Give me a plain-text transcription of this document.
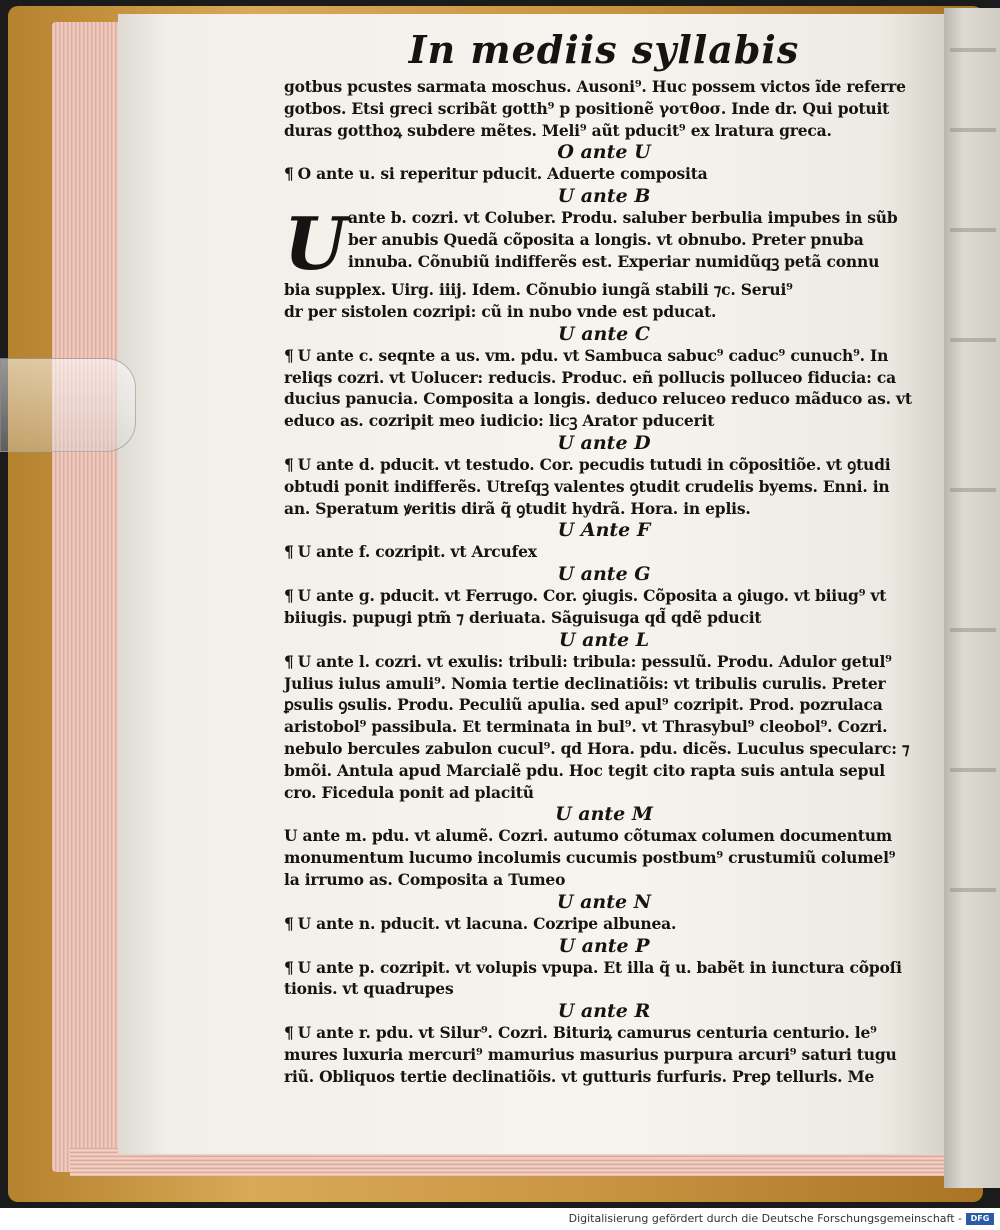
In mediis syllabis
gotbus pcustes sarmata moschus. Ausoni⁹. Huc possem victos ĩde referre
gotbos. Etsi greci scribãt gotth⁹ p positionẽ γοτθοσ. Inde dr. Qui potuit
duras gotthoꝝ subdere mẽtes. Meli⁹ aũt pducit⁹ ex lratura greca.
O ante U
¶ O ante u. si reperitur pducit. Aduerte composita
U ante B
U ante b. cozri. vt Coluber. Produ. saluber berbulia impubes in sũb
ber anubis Quedã cõposita a longis. vt obnubo. Preter pnuba
innuba. Cõnubiũ indifferẽs est. Experiar numidũqꝫ petã connu
bia supplex. Uirg. iiij. Idem. Cõnubio iungã stabili ⁊c. Serui⁹
dr per sistolen cozripi: cũ in nubo vnde est pducat.
U ante C
¶ U ante c. seqnte a us. vm. pdu. vt Sambuca sabuc⁹ caduc⁹ cunuch⁹. In
reliqs cozri. vt Uolucer: reducis. Produc. eñ pollucis polluceo fiducia: ca
ducius panucia. Composita a longis. deduco reluceo reduco mãduco as. vt
educo as. cozripit meo iudicio: licꝫ Arator pducerit
U ante D
¶ U ante d. pducit. vt testudo. Cor. pecudis tutudi in cõpositiõe. vt ꝯtudi
obtudi ponit indifferẽs. Utreſqꝫ valentes ꝯtudit crudelis byems. Enni. in
an. Speratum ꝟeritis dirã q̃ ꝯtudit hydrã. Hora. in eplis.
U Ante F
¶ U ante f. cozripit. vt Arcufex
U ante G
¶ U ante g. pducit. vt Ferrugo. Cor. ꝯiugis. Cõposita a ꝯiugo. vt biiug⁹ vt
biiugis. pupugi ptm̃ ⁊ deriuata. Sãguisuga qd̃ qdẽ pducit
U ante L
¶ U ante l. cozri. vt exulis: tribuli: tribula: pessulũ. Produ. Adulor getul⁹
Julius iulus amuli⁹. Nomia tertie declinatiõis: vt tribulis curulis. Preter
ꝑsulis ꝯsulis. Produ. Peculiũ apulia. sed apul⁹ cozripit. Prod. pozrulaca
aristobol⁹ passibula. Et terminata in bul⁹. vt Thrasybul⁹ cleobol⁹. Cozri.
nebulo bercules zabulon cucul⁹. qd Hora. pdu. dicẽs. Luculus specularc: ⁊
bmõi. Antula apud Marcialẽ pdu. Hoc tegit cito rapta suis antula sepul
cro. Ficedula ponit ad placitũ
U ante M
U ante m. pdu. vt alumẽ. Cozri. autumo cõtumax columen documentum
monumentum lucumo incolumis cucumis postbum⁹ crustumiũ columel⁹
la irrumo as. Composita a Tumeo
U ante N
¶ U ante n. pducit. vt lacuna. Cozripe albunea.
U ante P
¶ U ante p. cozripit. vt volupis vpupa. Et illa q̃ u. babẽt in iunctura cõpoſi
tionis. vt quadrupes
U ante R
¶ U ante r. pdu. vt Silur⁹. Cozri. Bituriꝝ camurus centuria centurio. le⁹
mures luxuria mercuri⁹ mamurius masurius purpura arcuri⁹ saturi tugu
riũ. Obliquos tertie declinatiõis. vt gutturis furfuris. Preꝑ tellurls. Me
Digitalisierung gefördert durch die Deutsche Forschungsgemeinschaft -	DFG
